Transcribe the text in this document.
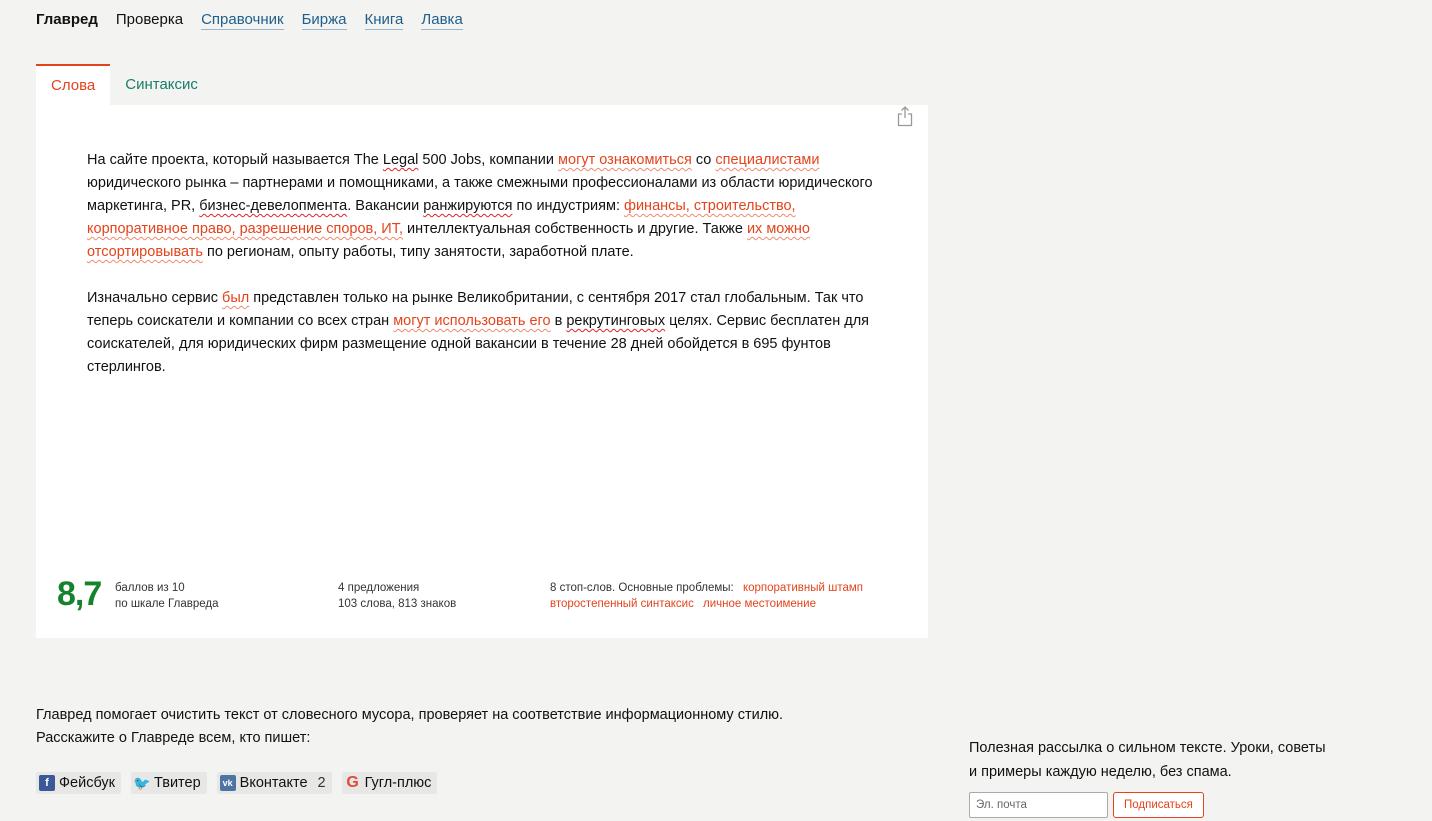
Главред Проверка Справочник Биржа Книга Лавка
Слова	Синтаксис

На сайте проекта, который называется The Legal 500 Jobs, компании могут ознакомиться со специалистами юридического рынка – партнерами и помощниками, а также смежными профессионалами из области юридического маркетинга, PR, бизнес-девелопмента. Вакансии ранжируются по индустриям: финансы, строительство, корпоративное право, разрешение споров, ИТ, интеллектуальная собственность и другие. Также их можно отсортировывать по регионам, опыту работы, типу занятости, заработной плате.

Изначально сервис был представлен только на рынке Великобритании, с сентября 2017 стал глобальным. Так что теперь соискатели и компании со всех стран могут использовать его в рекрутинговых целях. Сервис бесплатен для соискателей, для юридических фирм размещение одной вакансии в течение 28 дней обойдется в 695 фунтов стерлингов.

8,7 баллов из 10
по шкале Главреда
4 предложения
103 слова, 813 знаков
8 стоп-слов. Основные проблемы: корпоративный штамп
второстепенный синтаксис личное местоимение
Главред помогает очистить текст от словесного мусора, проверяет на соответствие информационному стилю.
Расскажите о Главреде всем, кто пишет:
f Фейсбук 🐦 Твитер	vk Вконтакте 2 G Гугл-плюс
Полезная рассылка о сильном тексте. Уроки, советы
и примеры каждую неделю, без спама.
Эл. почта
Подписаться
